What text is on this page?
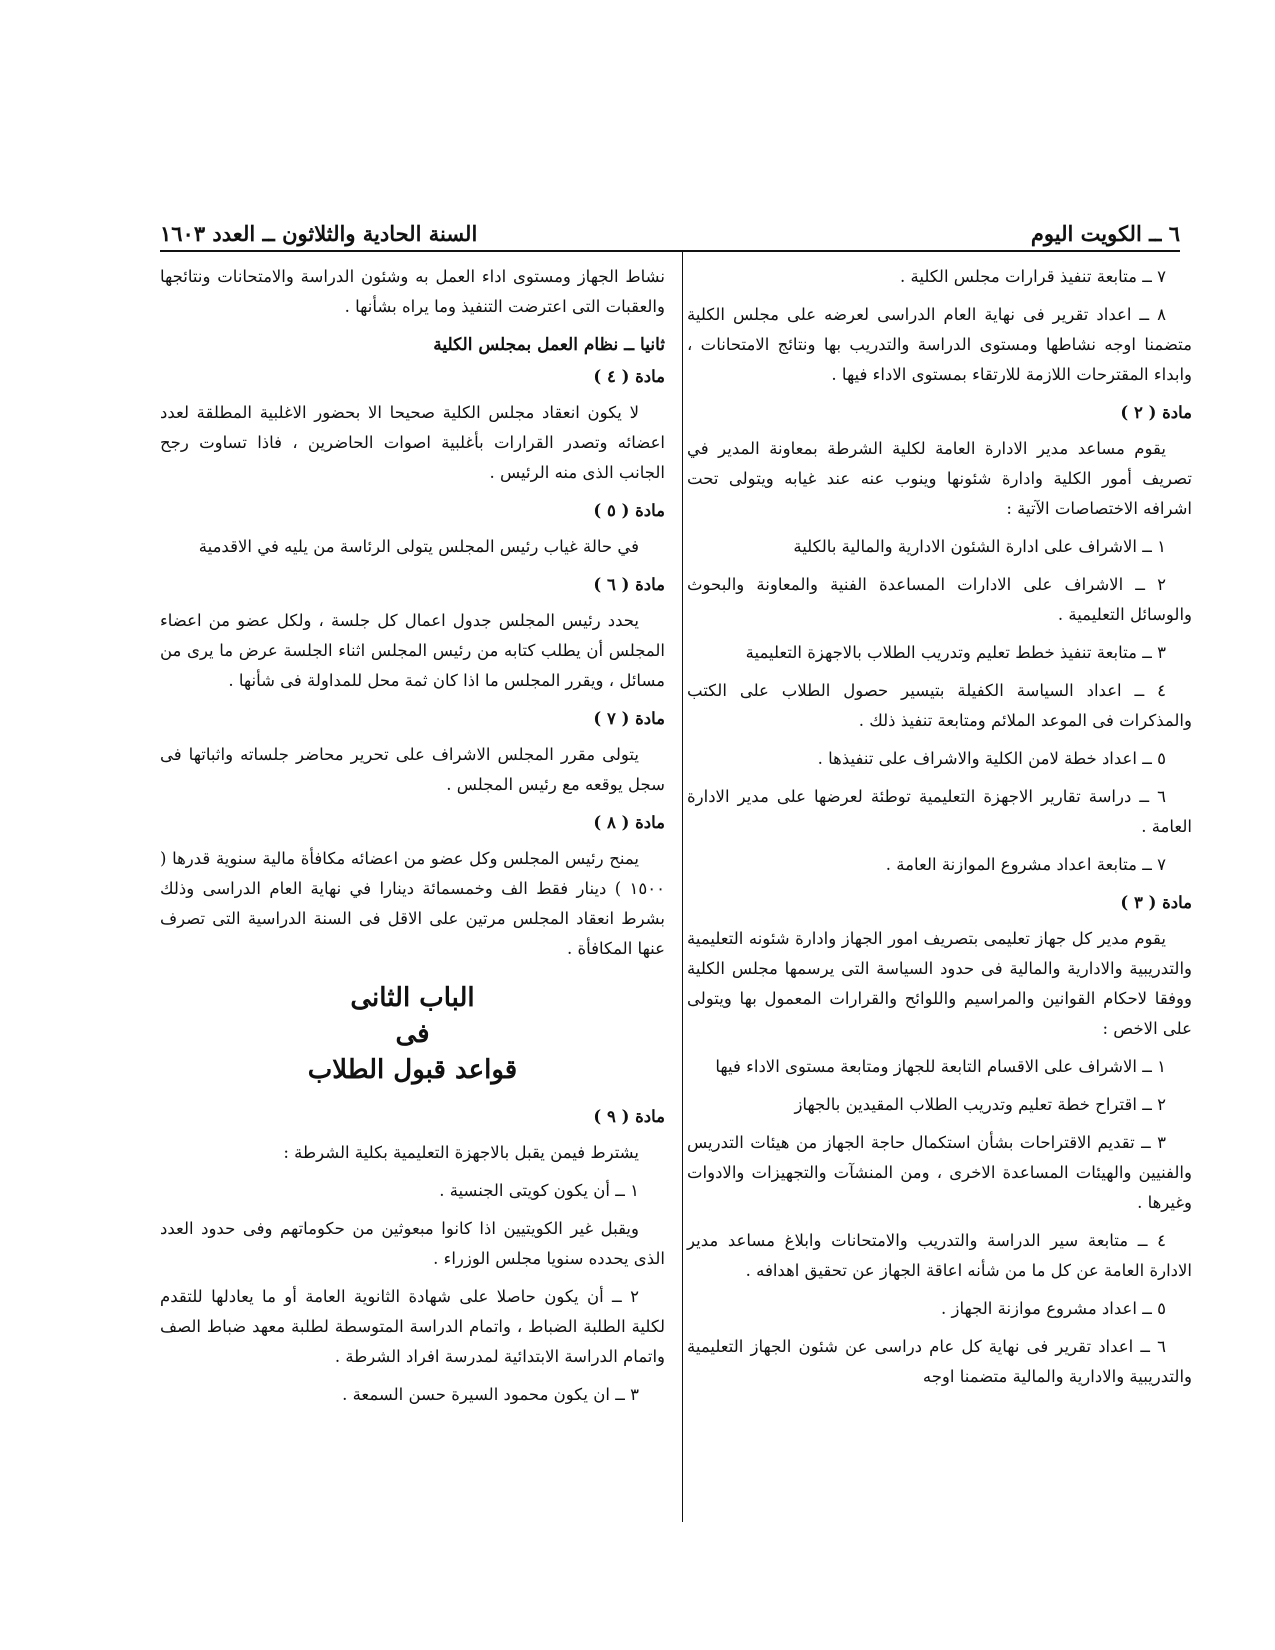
٦ ــ الكويت اليوم
السنة الحادية والثلاثون ــ العدد ١٦٠٣

٧ ــ متابعة تنفيذ قرارات مجلس الكلية .

٨ ــ اعداد تقرير فى نهاية العام الدراسى لعرضه على مجلس الكلية متضمنا اوجه نشاطها ومستوى الدراسة والتدريب بها ونتائج الامتحانات ، وابداء المقترحات اللازمة للارتقاء بمستوى الاداء فيها .

مادة ( ٢ )

يقوم مساعد مدير الادارة العامة لكلية الشرطة بمعاونة المدير في تصريف أمور الكلية وادارة شئونها وينوب عنه عند غيابه ويتولى تحت اشرافه الاختصاصات الآتية :

١ ــ الاشراف على ادارة الشئون الادارية والمالية بالكلية

٢ ــ الاشراف على الادارات المساعدة الفنية والمعاونة والبحوث والوسائل التعليمية .

٣ ــ متابعة تنفيذ خطط تعليم وتدريب الطلاب بالاجهزة التعليمية

٤ ــ اعداد السياسة الكفيلة بتيسير حصول الطلاب على الكتب والمذكرات فى الموعد الملائم ومتابعة تنفيذ ذلك .

٥ ــ اعداد خطة لامن الكلية والاشراف على تنفيذها .

٦ ــ دراسة تقارير الاجهزة التعليمية توطئة لعرضها على مدير الادارة العامة .

٧ ــ متابعة اعداد مشروع الموازنة العامة .

مادة ( ٣ )

يقوم مدير كل جهاز تعليمى بتصريف امور الجهاز وادارة شئونه التعليمية والتدريبية والادارية والمالية فى حدود السياسة التى يرسمها مجلس الكلية ووفقا لاحكام القوانين والمراسيم واللوائح والقرارات المعمول بها ويتولى على الاخص :

١ ــ الاشراف على الاقسام التابعة للجهاز ومتابعة مستوى الاداء فيها

٢ ــ اقتراح خطة تعليم وتدريب الطلاب المقيدين بالجهاز

٣ ــ تقديم الاقتراحات بشأن استكمال حاجة الجهاز من هيئات التدريس والفنيين والهيئات المساعدة الاخرى ، ومن المنشآت والتجهيزات والادوات وغيرها .

٤ ــ متابعة سير الدراسة والتدريب والامتحانات وابلاغ مساعد مدير الادارة العامة عن كل ما من شأنه اعاقة الجهاز عن تحقيق اهدافه .

٥ ــ اعداد مشروع موازنة الجهاز .

٦ ــ اعداد تقرير فى نهاية كل عام دراسى عن شئون الجهاز التعليمية والتدريبية والادارية والمالية متضمنا اوجه

نشاط الجهاز ومستوى اداء العمل به وشئون الدراسة والامتحانات ونتائجها والعقبات التى اعترضت التنفيذ وما يراه بشأنها .

ثانيا ــ نظام العمل بمجلس الكلية
مادة ( ٤ )

لا يكون انعقاد مجلس الكلية صحيحا الا بحضور الاغلبية المطلقة لعدد اعضائه وتصدر القرارات بأغلبية اصوات الحاضرين ، فاذا تساوت رجح الجانب الذى منه الرئيس .

مادة ( ٥ )

في حالة غياب رئيس المجلس يتولى الرئاسة من يليه في الاقدمية

مادة ( ٦ )

يحدد رئيس المجلس جدول اعمال كل جلسة ، ولكل عضو من اعضاء المجلس أن يطلب كتابه من رئيس المجلس اثناء الجلسة عرض ما يرى من مسائل ، ويقرر المجلس ما اذا كان ثمة محل للمداولة فى شأنها .

مادة ( ٧ )

يتولى مقرر المجلس الاشراف على تحرير محاضر جلساته واثباتها فى سجل يوقعه مع رئيس المجلس .

مادة ( ٨ )

يمنح رئيس المجلس وكل عضو من اعضائه مكافأة مالية سنوية قدرها ( ١٥٠٠ ) دينار فقط الف وخمسمائة دينارا في نهاية العام الدراسى وذلك بشرط انعقاد المجلس مرتين على الاقل فى السنة الدراسية التى تصرف عنها المكافأة .

الباب الثانى
فى
قواعد قبول الطلاب
مادة ( ٩ )

يشترط فيمن يقبل بالاجهزة التعليمية بكلية الشرطة :

١ ــ أن يكون كويتى الجنسية .

ويقبل غير الكويتيين اذا كانوا مبعوثين من حكوماتهم وفى حدود العدد الذى يحدده سنويا مجلس الوزراء .

٢ ــ أن يكون حاصلا على شهادة الثانوية العامة أو ما يعادلها للتقدم لكلية الطلبة الضباط ، واتمام الدراسة المتوسطة لطلبة معهد ضباط الصف واتمام الدراسة الابتدائية لمدرسة افراد الشرطة .

٣ ــ ان يكون محمود السيرة حسن السمعة .
